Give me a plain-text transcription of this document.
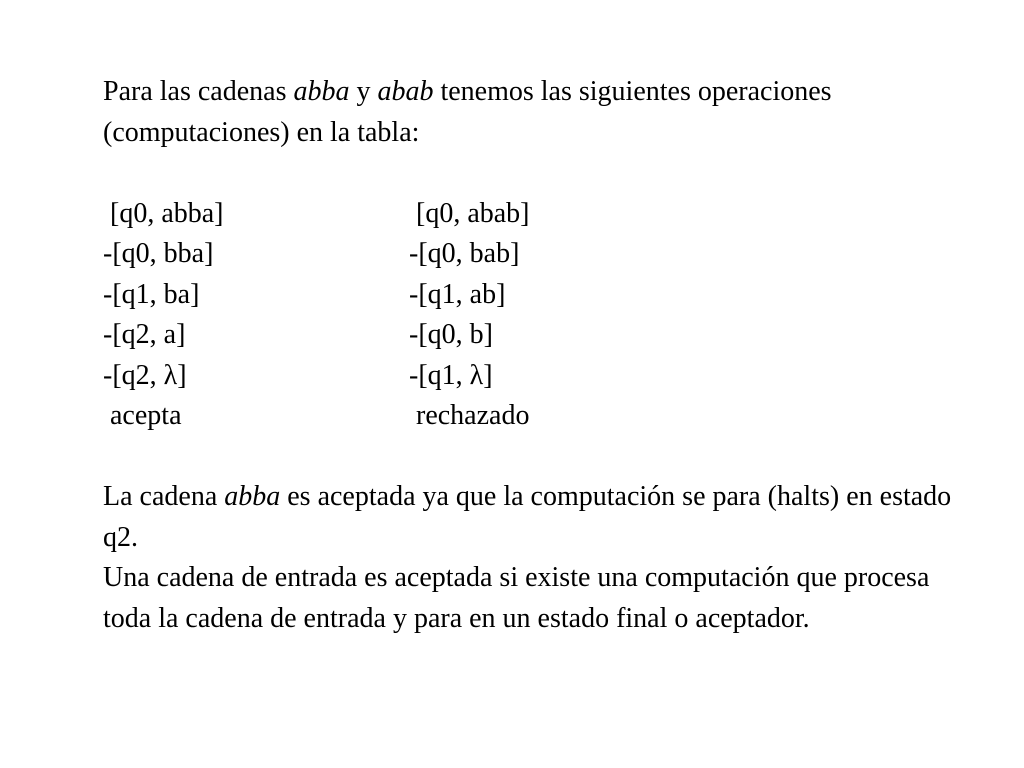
Para las cadenas abba y abab tenemos las siguientes operaciones (computaciones) en la tabla:

[q0, abba]	[q0, abab]
-[q0, bba]	-[q0, bab]
-[q1, ba]	-[q1, ab]
-[q2, a]	-[q0, b]
-[q2, λ]	-[q1, λ]
acepta	rechazado

La cadena abba es aceptada ya que la computación se para (halts) en estado q2.

Una cadena de entrada es aceptada si existe una computación que procesa toda la cadena de entrada y para en un estado final o aceptador.
